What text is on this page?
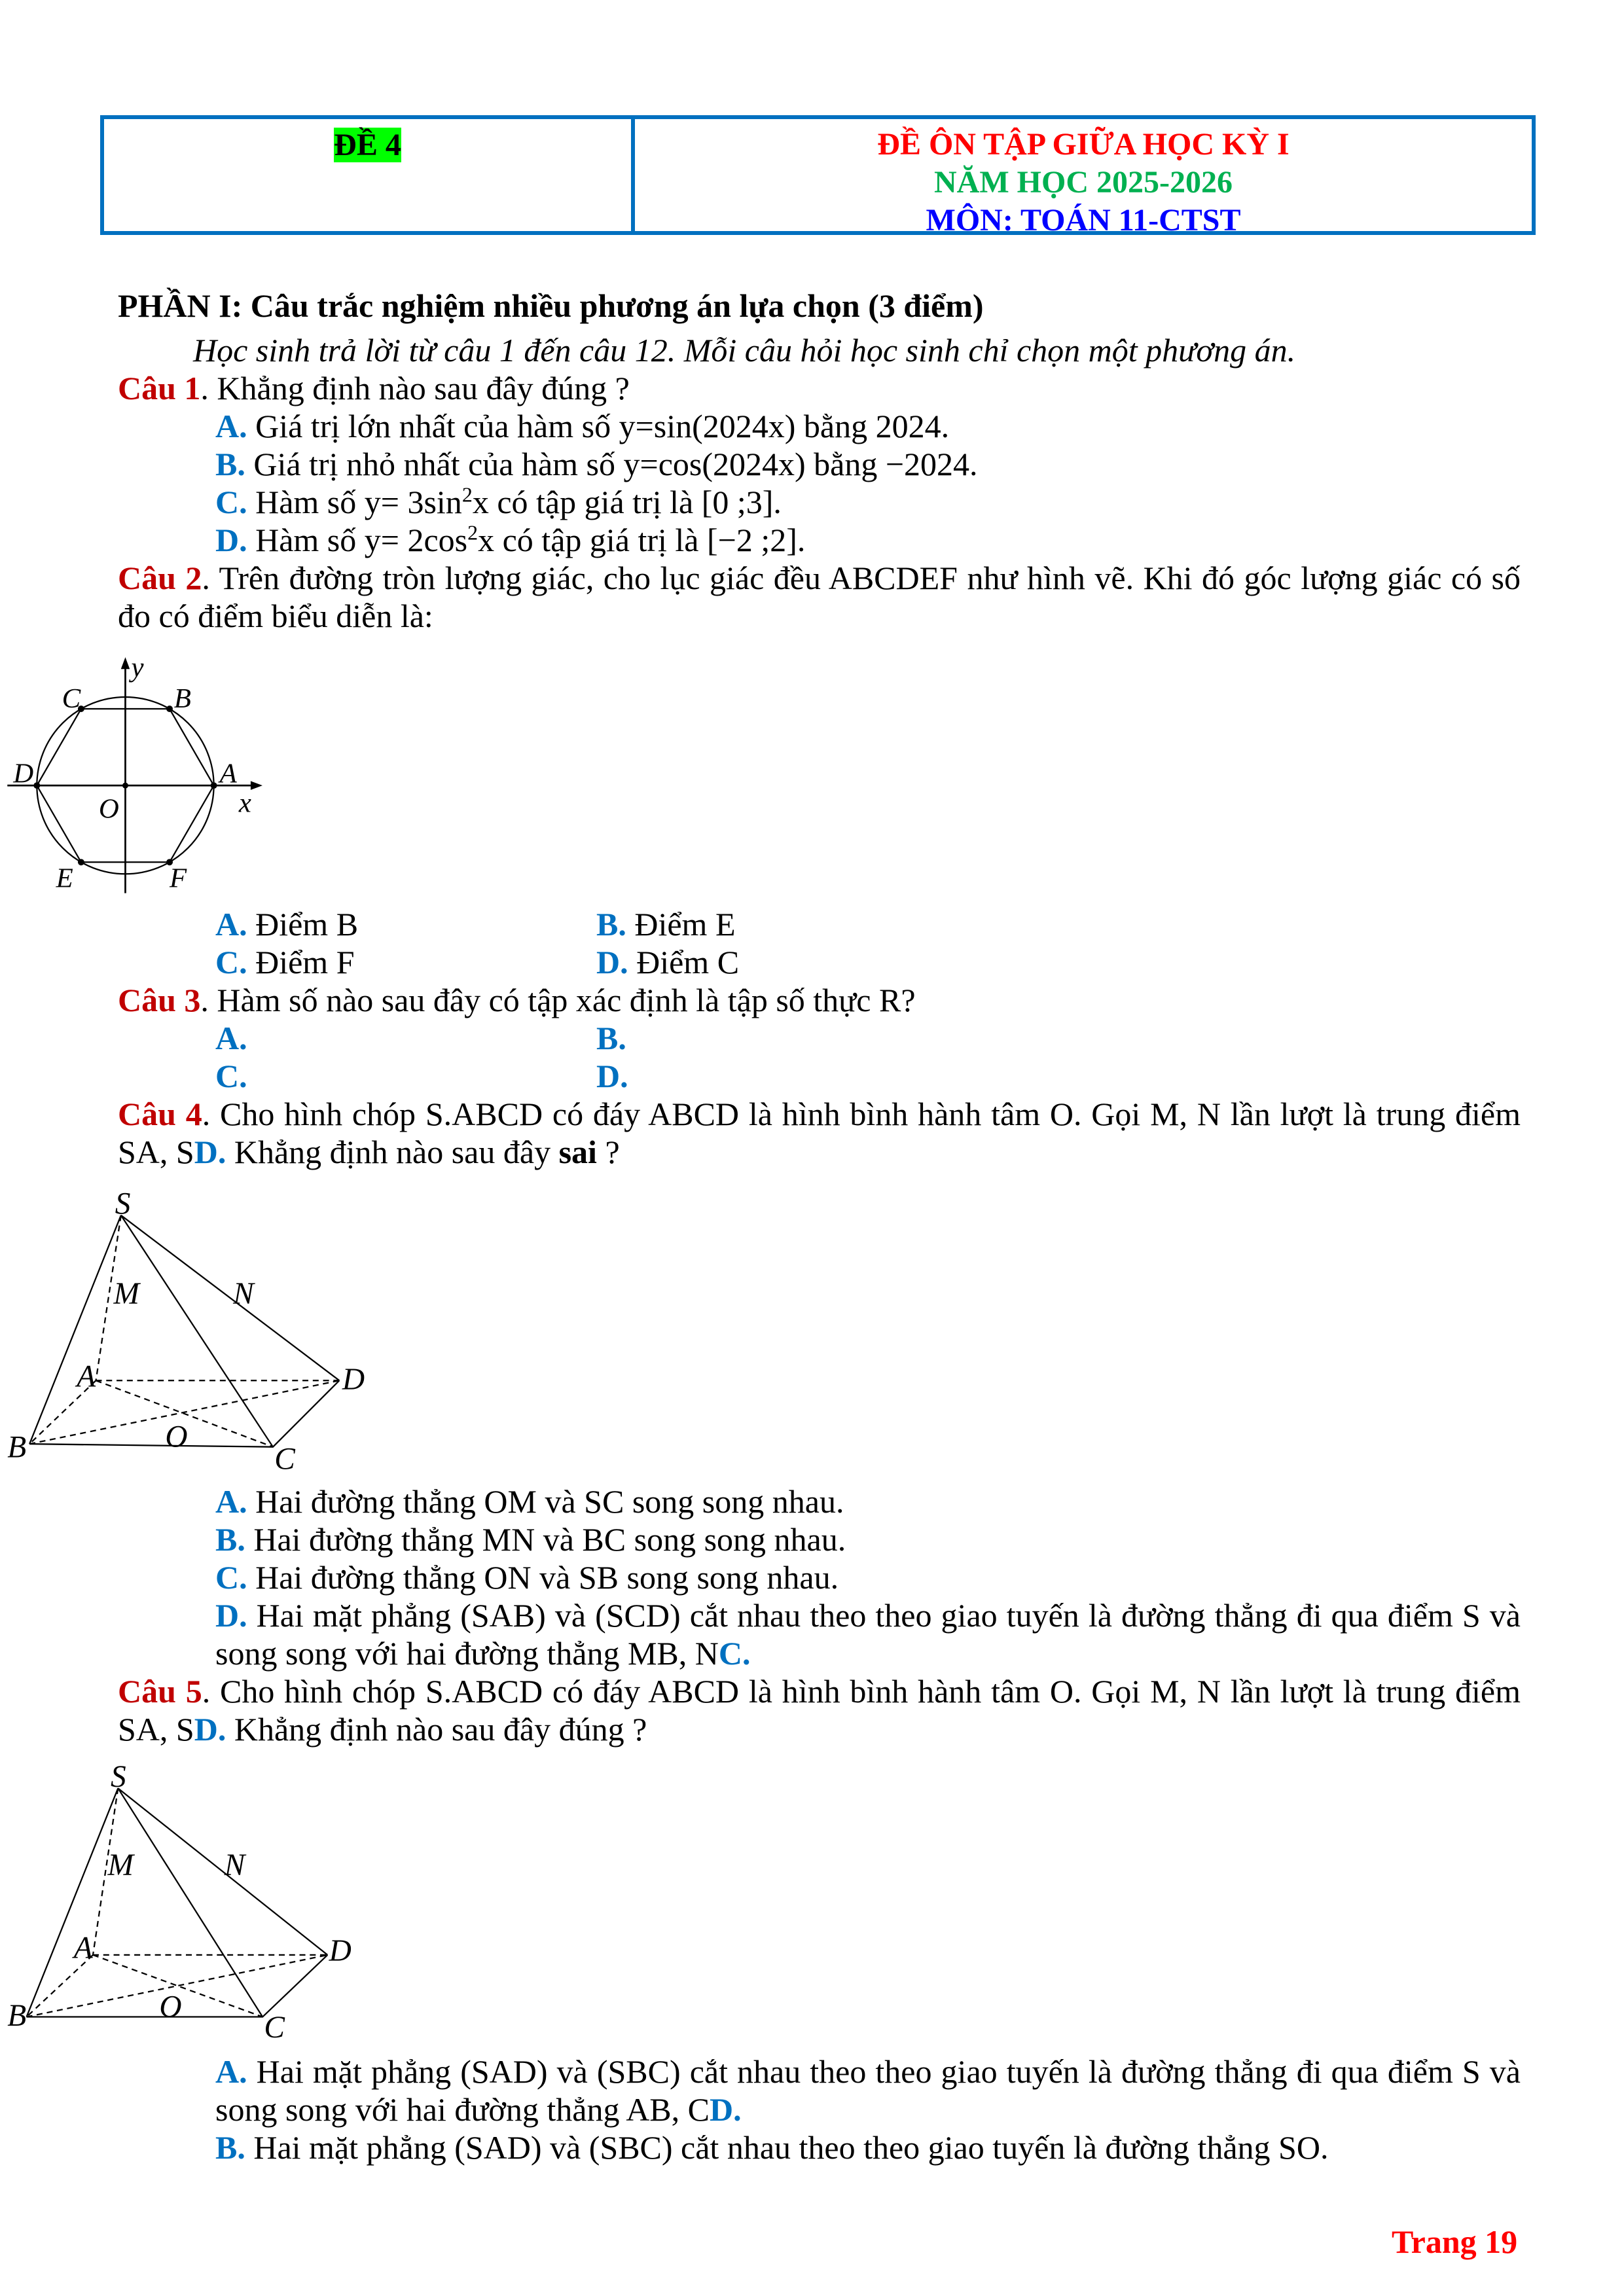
ĐỀ 4	ĐỀ ÔN TẬP GIỮA HỌC KỲ I
NĂM HỌC 2025-2026
MÔN: TOÁN 11-CTST
PHẦN I: Câu trắc nghiệm nhiều phương án lựa chọn (3 điểm)
Học sinh trả lời từ câu 1 đến câu 12. Mỗi câu hỏi học sinh chỉ chọn một phương án.
Câu 1. Khẳng định nào sau đây đúng ?
A. Giá trị lớn nhất của hàm số y=sin(2024x) bằng 2024.
B. Giá trị nhỏ nhất của hàm số y=cos(2024x) bằng −2024.
C. Hàm số $y= 3\sin^2x$ có tập giá trị là [0 ;3].
D. Hàm số $y= 2\cos^2x$ có tập giá trị là [−2 ;2].
Câu 2. Trên đường tròn lượng giác, cho lục giác đều ABCDEF như hình vẽ. Khi đó góc lượng giác có số đo có điểm biểu diễn là:
y
C	B
D	A
O	x
E	F
A. Điểm B	B. Điểm E
C. Điểm F	D. Điểm C
Câu 3. Hàm số nào sau đây có tập xác định là tập số thực R?
A.	B.
C.	D.
Câu 4. Cho hình chóp S.ABCD có đáy ABCD là hình bình hành tâm O. Gọi M, N lần lượt là trung điểm SA, SD. Khẳng định nào sau đây sai ?
S
M	N
A	D
B	O
C
A. Hai đường thẳng OM và SC song song nhau.
B. Hai đường thẳng MN và BC song song nhau.
C. Hai đường thẳng ON và SB song song nhau.
D. Hai mặt phẳng (SAB) và (SCD) cắt nhau theo theo giao tuyến là đường thẳng đi qua điểm S và song song với hai đường thẳng MB, NC.
Câu 5. Cho hình chóp S.ABCD có đáy ABCD là hình bình hành tâm O. Gọi M, N lần lượt là trung điểm SA, SD. Khẳng định nào sau đây đúng ?
S
M	N
A	D
B	O
C
A. Hai mặt phẳng (SAD) và (SBC) cắt nhau theo theo giao tuyến là đường thẳng đi qua điểm S và song song với hai đường thẳng AB, CD.
B. Hai mặt phẳng (SAD) và (SBC) cắt nhau theo theo giao tuyến là đường thẳng SO.
Trang 19
